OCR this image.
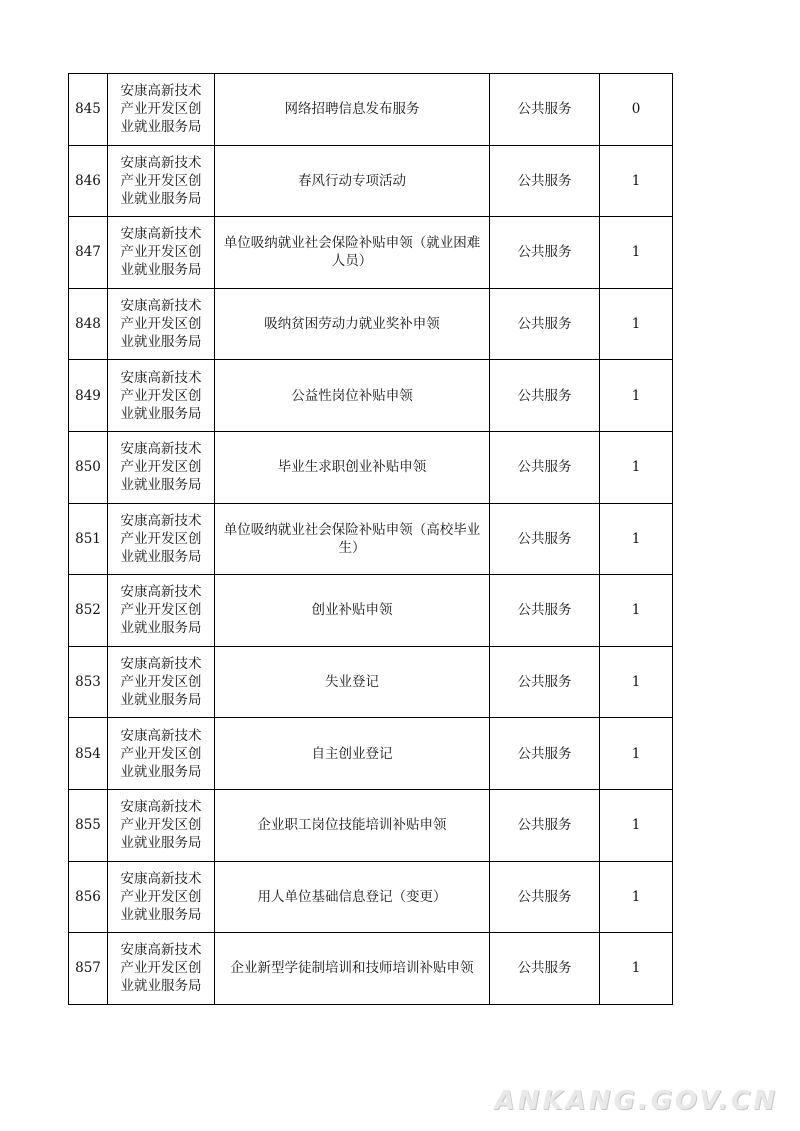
845	安康高新技术
产业开发区创
业就业服务局	网络招聘信息发布服务	公共服务	0
846	安康高新技术
产业开发区创
业就业服务局	春风行动专项活动	公共服务	1
847	安康高新技术
产业开发区创
业就业服务局	单位吸纳就业社会保险补贴申领（就业困难人员）	公共服务	1
848	安康高新技术
产业开发区创
业就业服务局	吸纳贫困劳动力就业奖补申领	公共服务	1
849	安康高新技术
产业开发区创
业就业服务局	公益性岗位补贴申领	公共服务	1
850	安康高新技术
产业开发区创
业就业服务局	毕业生求职创业补贴申领	公共服务	1
851	安康高新技术
产业开发区创
业就业服务局	单位吸纳就业社会保险补贴申领（高校毕业生）	公共服务	1
852	安康高新技术
产业开发区创
业就业服务局	创业补贴申领	公共服务	1
853	安康高新技术
产业开发区创
业就业服务局	失业登记	公共服务	1
854	安康高新技术
产业开发区创
业就业服务局	自主创业登记	公共服务	1
855	安康高新技术
产业开发区创
业就业服务局	企业职工岗位技能培训补贴申领	公共服务	1
856	安康高新技术
产业开发区创
业就业服务局	用人单位基础信息登记（变更）	公共服务	1
857	安康高新技术
产业开发区创
业就业服务局	企业新型学徒制培训和技师培训补贴申领	公共服务	1
ANKANG.GOV.CN
